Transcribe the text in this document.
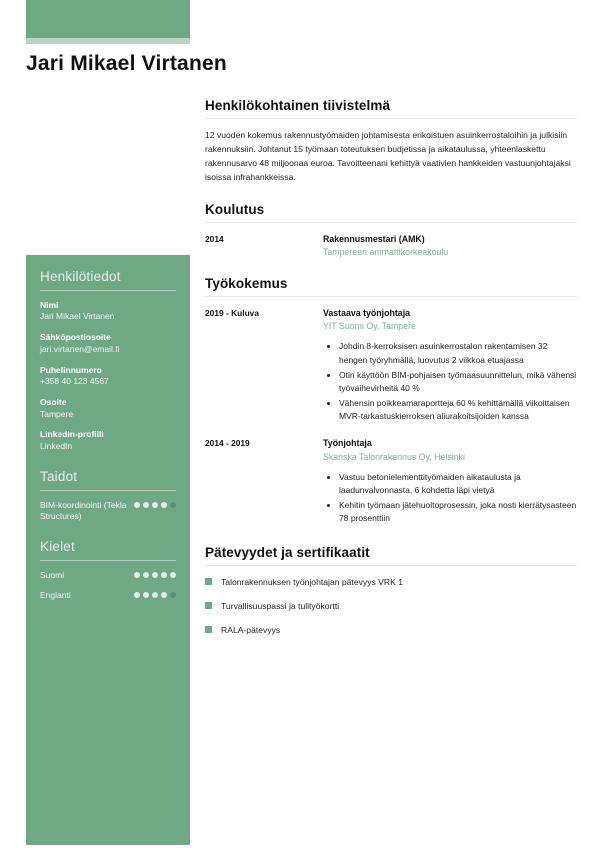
Jari Mikael Virtanen
Henkilötiedot
Nimi
Jari Mikael Virtanen
Sähköpostiosoite
jari.virtanen@email.fi
Puhelinnumero
+358 40 123 4567
Osoite
Tampere
LinkedIn-profiili
LinkedIn
Taidot
BIM-koordinointi (Tekla Structures)
Kielet
Suomi
Englanti
Henkilökohtainen tiivistelmä

12 vuoden kokemus rakennustyömaiden johtamisesta erikoistuen asuinkerrostaloihin ja julkisiin rakennuksiin. Johtanut 15 työmaan toteutuksen budjetissa ja aikataulussa, yhteenlaskettu rakennusarvo 48 miljoonaa euroa. Tavoitteenani kehittyä vaativien hankkeiden vastuunjohtajaksi isoissa infrahankkeissa.

Koulutus
2014	Rakennusmestari (AMK)
Tampereen ammattikorkeakoulu
Työkokemus
2019 - Kuluva	Vastaava työnjohtaja
YIT Suomi Oy, Tampere
• Johdin 8-kerroksisen asuinkerrostalon rakentamisen 32 hengen työryhmällä, luovutus 2 viikkoa etuajassa
• Otin käyttöön BIM-pohjaisen työmaasuunnittelun, mikä vähensi työvaihevirheitä 40 %
• Vähensin poikkeamaraportteja 60 % kehittämällä viikoittaisen MVR-tarkastuskierroksen aliurakoitsijoiden kanssa
2014 - 2019	Työnjohtaja
Skanska Talonrakennus Oy, Helsinki
• Vastuu betonielementtityömaiden aikataulusta ja laadunvalvonnasta, 6 kohdetta läpi vietyä
• Kehitin työmaan jätehuoltoprosessin, joka nosti kierrätysasteen 78 prosenttiin
Pätevyydet ja sertifikaatit
Talonrakennuksen työnjohtajan pätevyys VRK 1
Turvallisuuspassi ja tulityökortti
RALA-pätevyys
